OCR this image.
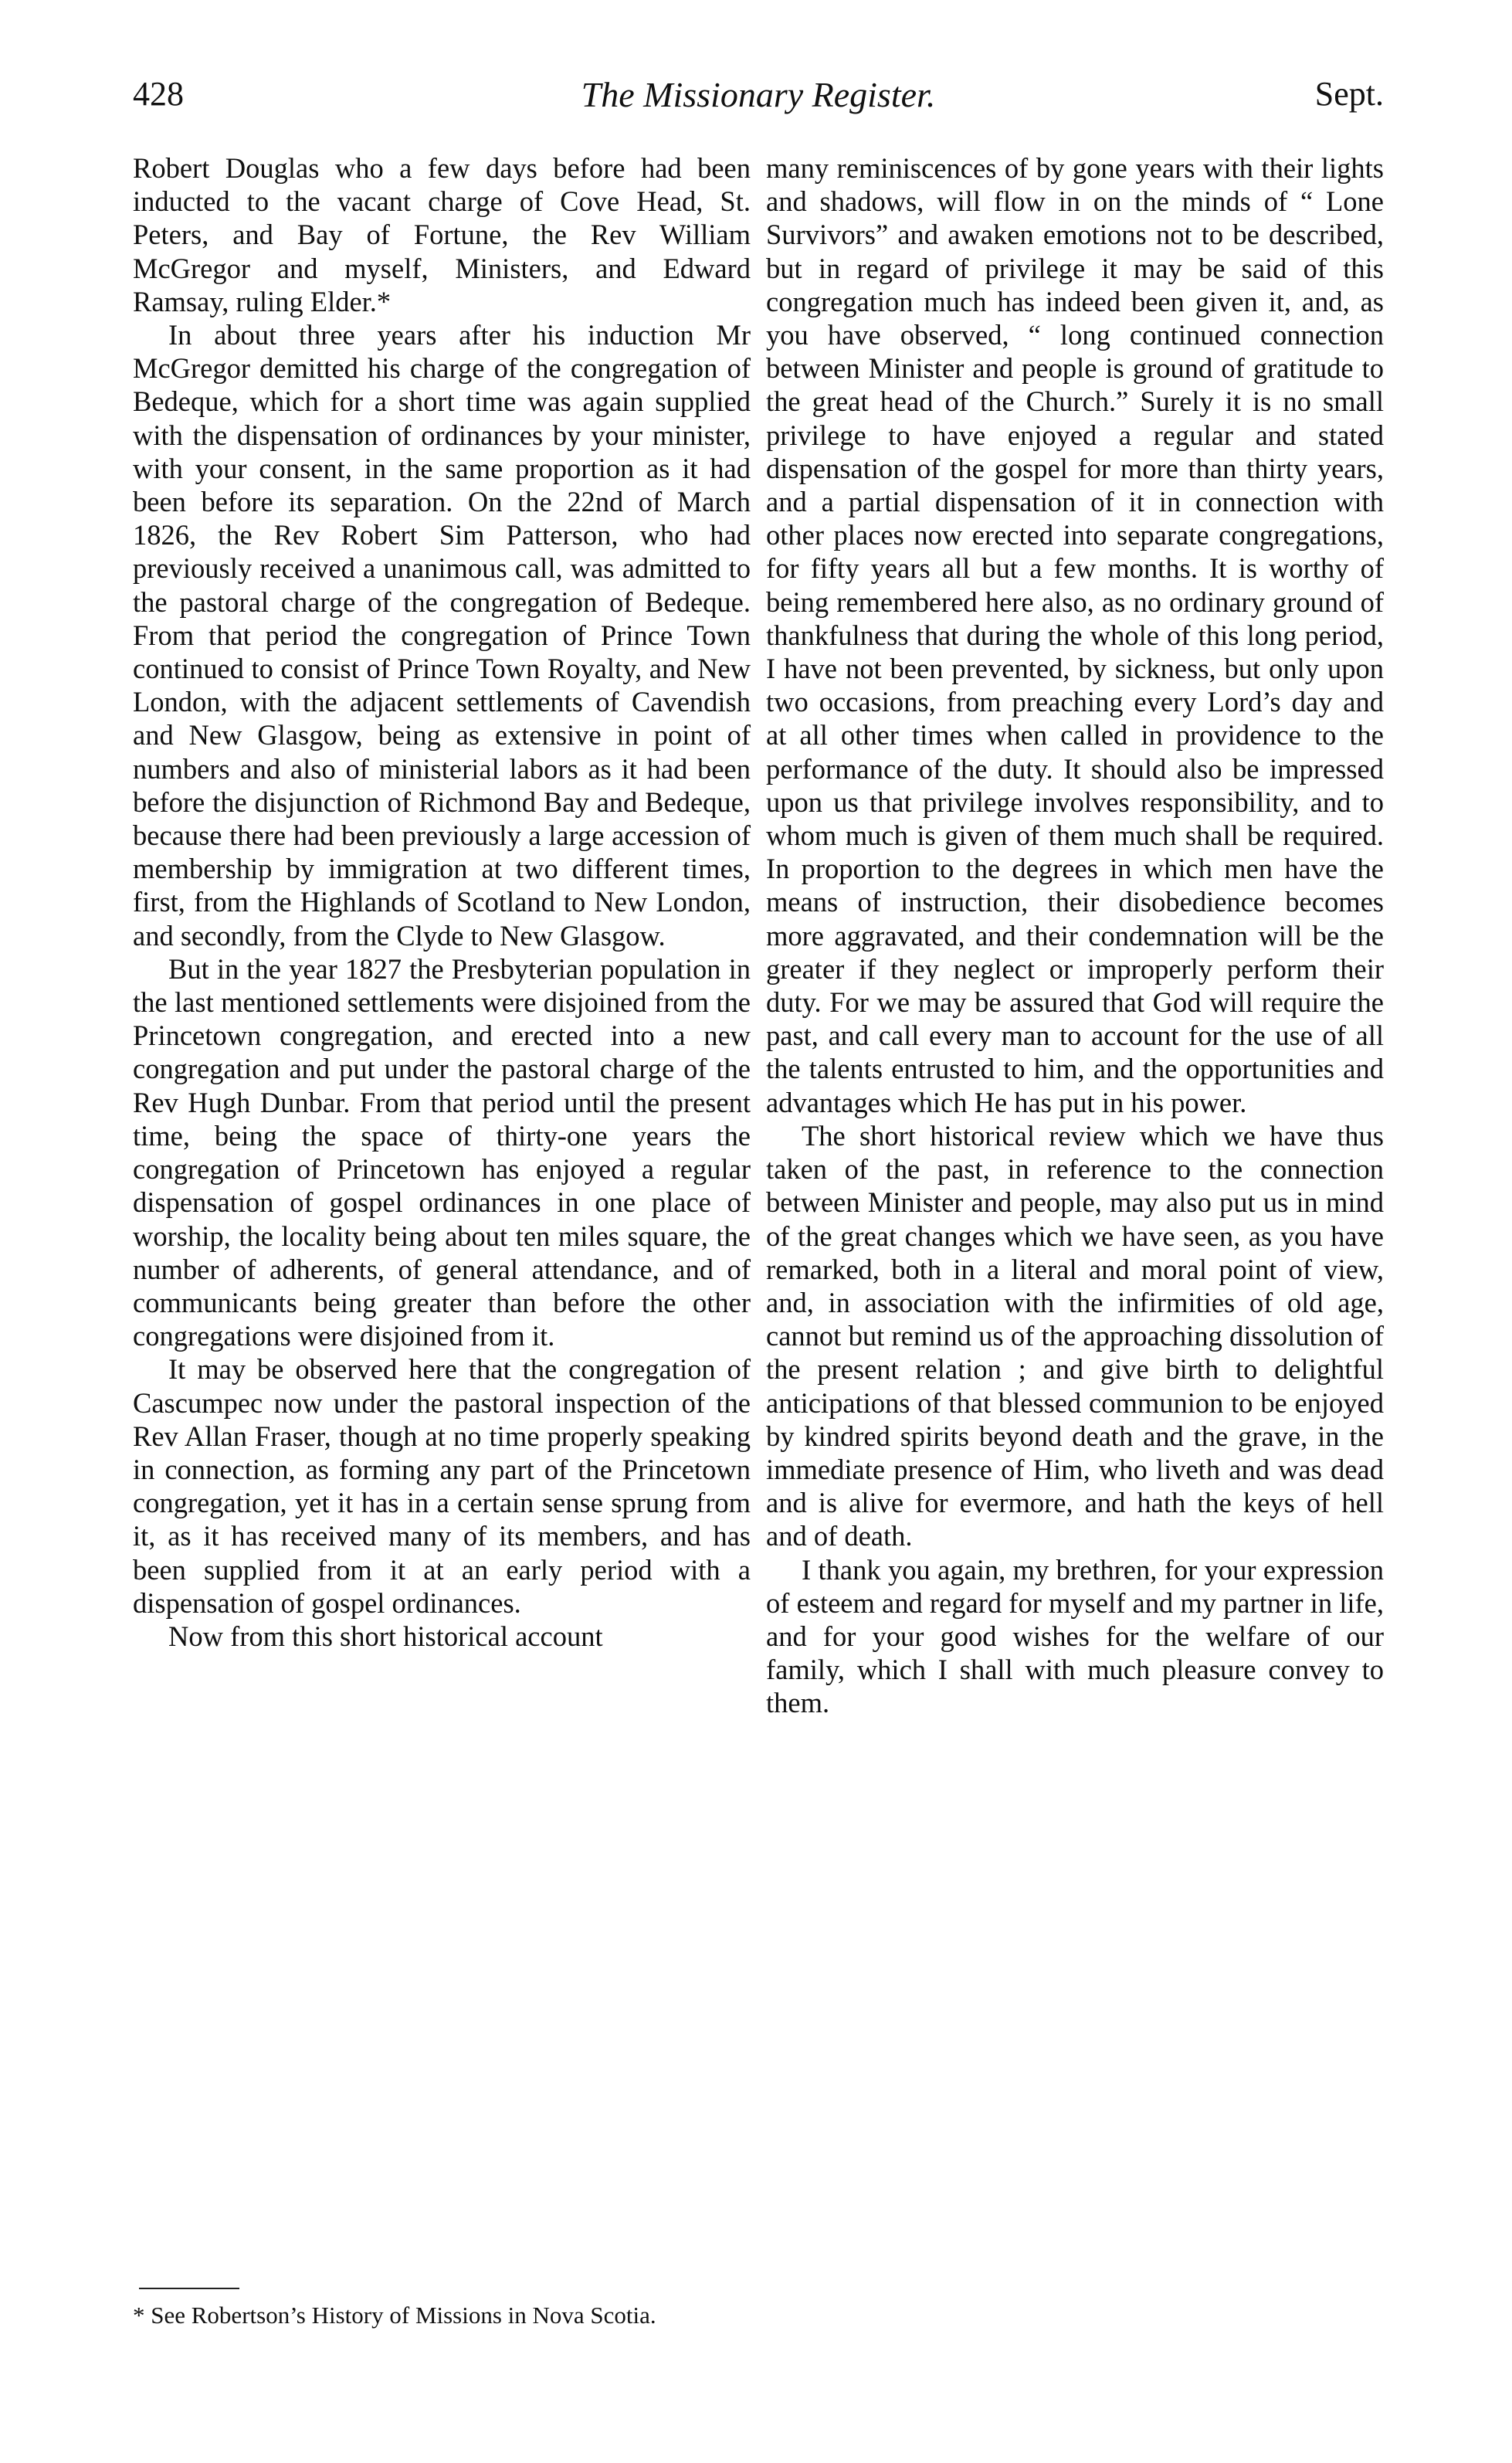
428	The Missionary Register.	Sept.

Robert Douglas who a few days before had been inducted to the vacant charge of Cove Head, St. Peters, and Bay of Fortune, the Rev William McGregor and myself, Ministers, and Edward Ramsay, ruling Elder.*

In about three years after his induction Mr McGregor demitted his charge of the congregation of Bedeque, which for a short time was again supplied with the dispensation of ordinances by your minister, with your consent, in the same proportion as it had been before its separation. On the 22nd of March 1826, the Rev Robert Sim Patterson, who had previously received a unanimous call, was admitted to the pastoral charge of the congregation of Bedeque. From that period the congregation of Prince Town continued to consist of Prince Town Royalty, and New London, with the adjacent settlements of Cavendish and New Glasgow, being as extensive in point of numbers and also of ministerial labors as it had been before the disjunction of Richmond Bay and Bedeque, because there had been previously a large accession of membership by immigration at two different times, first, from the Highlands of Scotland to New London, and secondly, from the Clyde to New Glasgow.

But in the year 1827 the Presbyterian population in the last mentioned settlements were disjoined from the Princetown congregation, and erected into a new congregation and put under the pastoral charge of the Rev Hugh Dunbar. From that period until the present time, being the space of thirty-one years the congregation of Princetown has enjoyed a regular dispensation of gospel ordinances in one place of worship, the locality being about ten miles square, the number of adherents, of general attendance, and of communicants being greater than before the other congregations were disjoined from it.

It may be observed here that the congregation of Cascumpec now under the pastoral inspection of the Rev Allan Fraser, though at no time properly speaking in connection, as forming any part of the Princetown congregation, yet it has in a certain sense sprung from it, as it has received many of its members, and has been supplied from it at an early period with a dispensation of gospel ordinances.

Now from this short historical account

many reminiscences of by gone years with their lights and shadows, will flow in on the minds of “ Lone Survivors” and awaken emotions not to be described, but in regard of privilege it may be said of this congregation much has indeed been given it, and, as you have observed, “ long continued connection between Minister and people is ground of gratitude to the great head of the Church.” Surely it is no small privilege to have enjoyed a regular and stated dispensation of the gospel for more than thirty years, and a partial dispensation of it in connection with other places now erected into separate congregations, for fifty years all but a few months. It is worthy of being remembered here also, as no ordinary ground of thankfulness that during the whole of this long period, I have not been prevented, by sickness, but only upon two occasions, from preaching every Lord’s day and at all other times when called in providence to the performance of the duty. It should also be impressed upon us that privilege involves responsibility, and to whom much is given of them much shall be required. In proportion to the degrees in which men have the means of instruction, their disobedience becomes more aggravated, and their condemnation will be the greater if they neglect or improperly perform their duty. For we may be assured that God will require the past, and call every man to account for the use of all the talents entrusted to him, and the opportunities and advantages which He has put in his power.

The short historical review which we have thus taken of the past, in reference to the connection between Minister and people, may also put us in mind of the great changes which we have seen, as you have remarked, both in a literal and moral point of view, and, in association with the infirmities of old age, cannot but remind us of the approaching dissolution of the present relation ; and give birth to delightful anticipations of that blessed communion to be enjoyed by kindred spirits beyond death and the grave, in the immediate presence of Him, who liveth and was dead and is alive for evermore, and hath the keys of hell and of death.

I thank you again, my brethren, for your expression of esteem and regard for myself and my partner in life, and for your good wishes for the welfare of our family, which I shall with much pleasure convey to them.

* See Robertson’s History of Missions in Nova Scotia.
